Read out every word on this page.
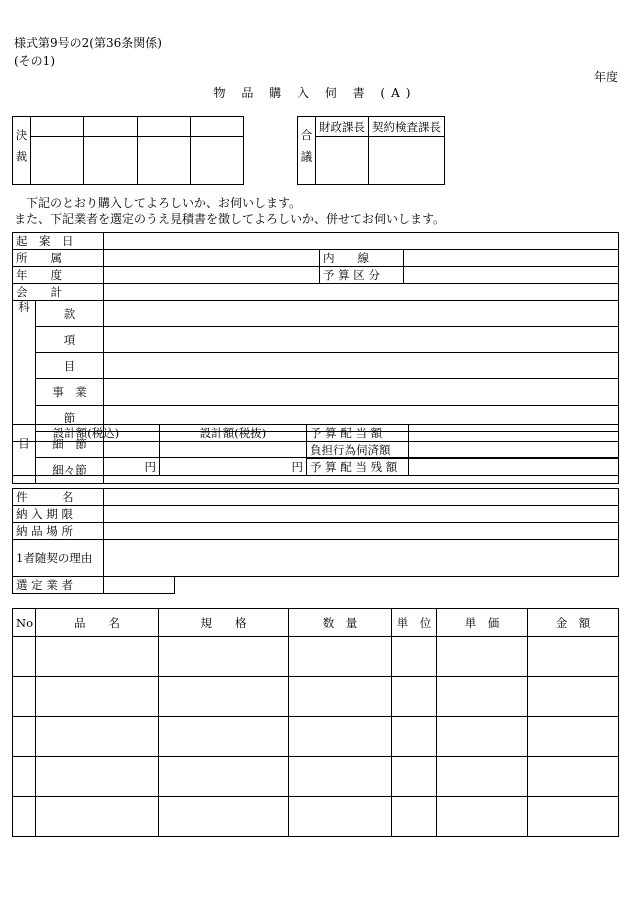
様式第9号の2(第36条関係)
(その1)
年度
物 品 購 入 伺 書 (A)
決裁				
				合議	財政課長	契約検査課長

下記のとおり購入してよろしいか、お伺いします。
また、下記業者を選定のうえ見積書を徴してよろしいか、併せてお伺いします。
起　案　日				
所　　属			内　　線	
年　　度			予 算 区 分	
会　　計				
科　　目	款			
	項			
	目			
	事　業			
	節			
	細　節			
	細々節			
設計額(税込)	設計額(税抜)	予 算 配 当 額	
円	円	負担行為伺済額	
		予 算 配 当 残 額	
件　　　名		
納 入 期 限		
納 品 場 所		
1者随契の理由		
選 定 業 者		
No	品　　名	規　　格	数　量	単　位	単　価	金　額
